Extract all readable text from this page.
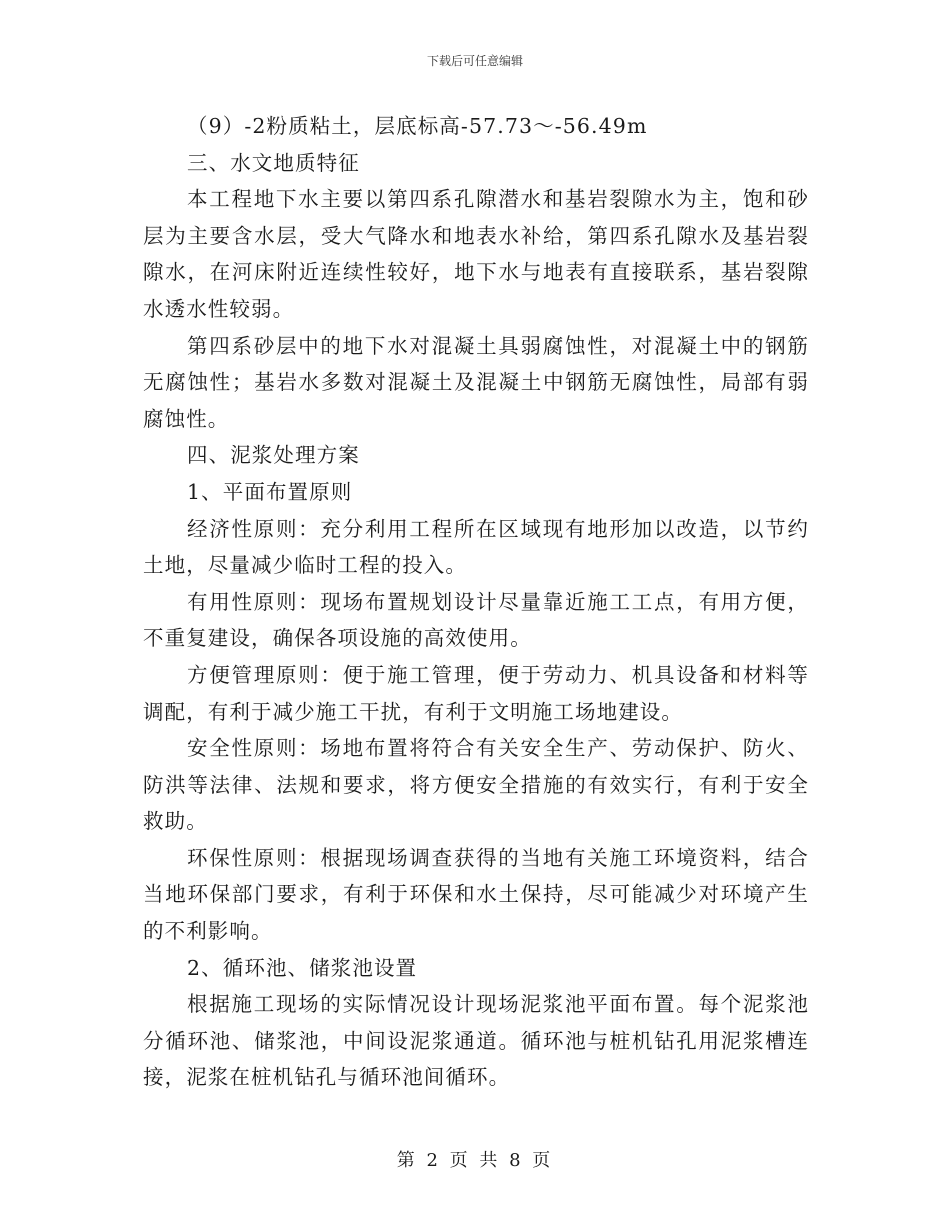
下载后可任意编辑

（9）-2粉质粘土，层底标高-57.73～-56.49m

三、水文地质特征

本工程地下水主要以第四系孔隙潜水和基岩裂隙水为主，饱和砂层为主要含水层，受大气降水和地表水补给，第四系孔隙水及基岩裂隙水，在河床附近连续性较好，地下水与地表有直接联系，基岩裂隙水透水性较弱。

第四系砂层中的地下水对混凝土具弱腐蚀性，对混凝土中的钢筋无腐蚀性；基岩水多数对混凝土及混凝土中钢筋无腐蚀性，局部有弱腐蚀性。

四、泥浆处理方案

1、平面布置原则

经济性原则：充分利用工程所在区域现有地形加以改造，以节约土地，尽量减少临时工程的投入。

有用性原则：现场布置规划设计尽量靠近施工工点，有用方便，不重复建设，确保各项设施的高效使用。

方便管理原则：便于施工管理，便于劳动力、机具设备和材料等调配，有利于减少施工干扰，有利于文明施工场地建设。

安全性原则：场地布置将符合有关安全生产、劳动保护、防火、防洪等法律、法规和要求，将方便安全措施的有效实行，有利于安全救助。

环保性原则：根据现场调查获得的当地有关施工环境资料，结合当地环保部门要求，有利于环保和水土保持，尽可能减少对环境产生的不利影响。

2、循环池、储浆池设置

根据施工现场的实际情况设计现场泥浆池平面布置。每个泥浆池分循环池、储浆池，中间设泥浆通道。循环池与桩机钻孔用泥浆槽连接，泥浆在桩机钻孔与循环池间循环。

第 2 页 共 8 页
